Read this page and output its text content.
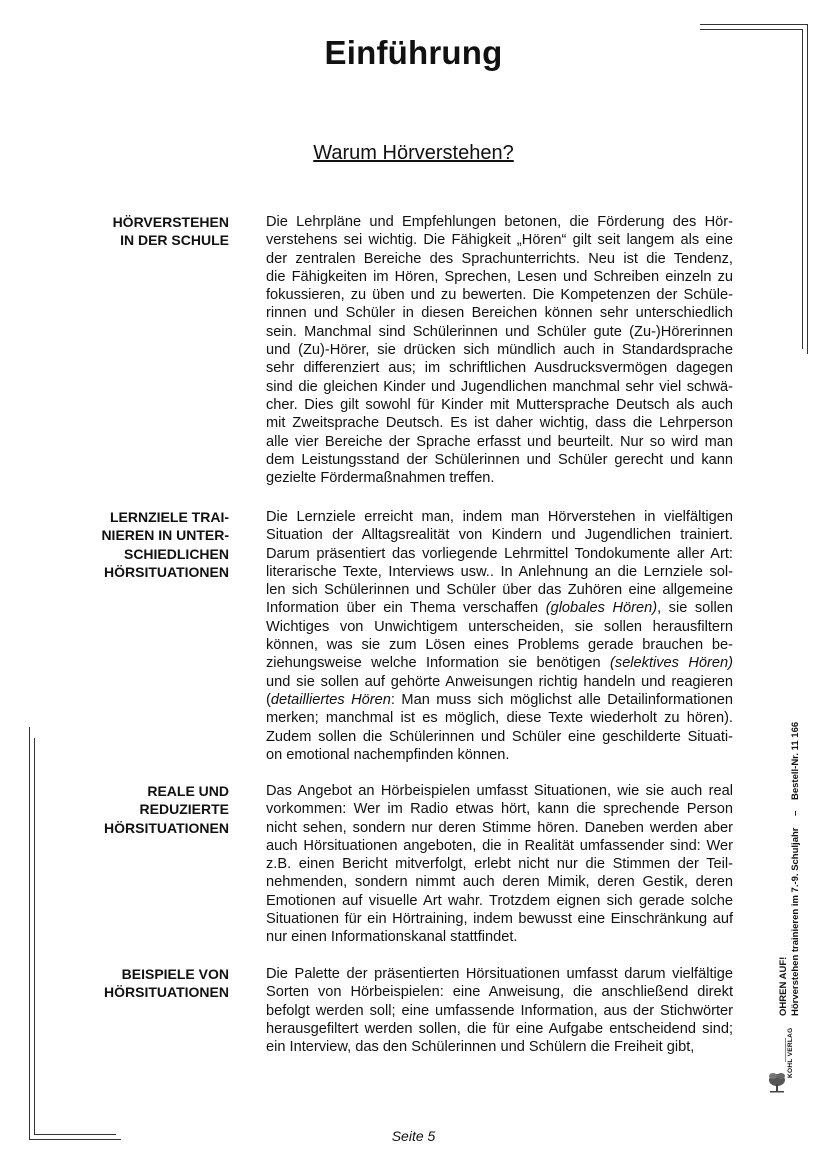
Einführung
Warum Hörverstehen?
HÖRVERSTEHEN
IN DER SCHULE
Die Lehrpläne und Empfehlungen betonen, die Förderung des Hör-
verstehens sei wichtig. Die Fähigkeit „Hören“ gilt seit langem als eine
der zentralen Bereiche des Sprachunterrichts. Neu ist die Tendenz,
die Fähigkeiten im Hören, Sprechen, Lesen und Schreiben einzeln zu
fokussieren, zu üben und zu bewerten. Die Kompetenzen der Schüle-
rinnen und Schüler in diesen Bereichen können sehr unterschiedlich
sein. Manchmal sind Schülerinnen und Schüler gute (Zu-)Hörerinnen
und (Zu)-Hörer, sie drücken sich mündlich auch in Standardsprache
sehr differenziert aus; im schriftlichen Ausdrucksvermögen dagegen
sind die gleichen Kinder und Jugendlichen manchmal sehr viel schwä-
cher. Dies gilt sowohl für Kinder mit Muttersprache Deutsch als auch
mit Zweitsprache Deutsch. Es ist daher wichtig, dass die Lehrperson
alle vier Bereiche der Sprache erfasst und beurteilt. Nur so wird man
dem Leistungsstand der Schülerinnen und Schüler gerecht und kann
gezielte Fördermaßnahmen treffen.
LERNZIELE TRAI-
NIEREN IN UNTER-
SCHIEDLICHEN
HÖRSITUATIONEN
Die Lernziele erreicht man, indem man Hörverstehen in vielfältigen
Situation der Alltagsrealität von Kindern und Jugendlichen trainiert.
Darum präsentiert das vorliegende Lehrmittel Tondokumente aller Art:
literarische Texte, Interviews usw.. In Anlehnung an die Lernziele sol-
len sich Schülerinnen und Schüler über das Zuhören eine allgemeine
Information über ein Thema verschaffen (globales Hören), sie sollen
Wichtiges von Unwichtigem unterscheiden, sie sollen herausfiltern
können, was sie zum Lösen eines Problems gerade brauchen be-
ziehungsweise welche Information sie benötigen (selektives Hören)
und sie sollen auf gehörte Anweisungen richtig handeln und reagieren
(detailliertes Hören: Man muss sich möglichst alle Detailinformationen
merken; manchmal ist es möglich, diese Texte wiederholt zu hören).
Zudem sollen die Schülerinnen und Schüler eine geschilderte Situati-
on emotional nachempfinden können.
REALE UND
REDUZIERTE
HÖRSITUATIONEN
Das Angebot an Hörbeispielen umfasst Situationen, wie sie auch real
vorkommen: Wer im Radio etwas hört, kann die sprechende Person
nicht sehen, sondern nur deren Stimme hören. Daneben werden aber
auch Hörsituationen angeboten, die in Realität umfassender sind: Wer
z.B. einen Bericht mitverfolgt, erlebt nicht nur die Stimmen der Teil-
nehmenden, sondern nimmt auch deren Mimik, deren Gestik, deren
Emotionen auf visuelle Art wahr. Trotzdem eignen sich gerade solche
Situationen für ein Hörtraining, indem bewusst eine Einschränkung auf
nur einen Informationskanal stattfindet.
BEISPIELE VON
HÖRSITUATIONEN
Die Palette der präsentierten Hörsituationen umfasst darum vielfältige
Sorten von Hörbeispielen: eine Anweisung, die anschließend direkt
befolgt werden soll; eine umfassende Information, aus der Stichwörter
herausgefiltert werden sollen, die für eine Aufgabe entscheidend sind;
ein Interview, das den Schülerinnen und Schülern die Freiheit gibt,
OHREN AUF! Hörverstehen trainieren im 7.-9. Schuljahr
–
Bestell-Nr. 11 166
KOHL VERLAG
Seite 5
